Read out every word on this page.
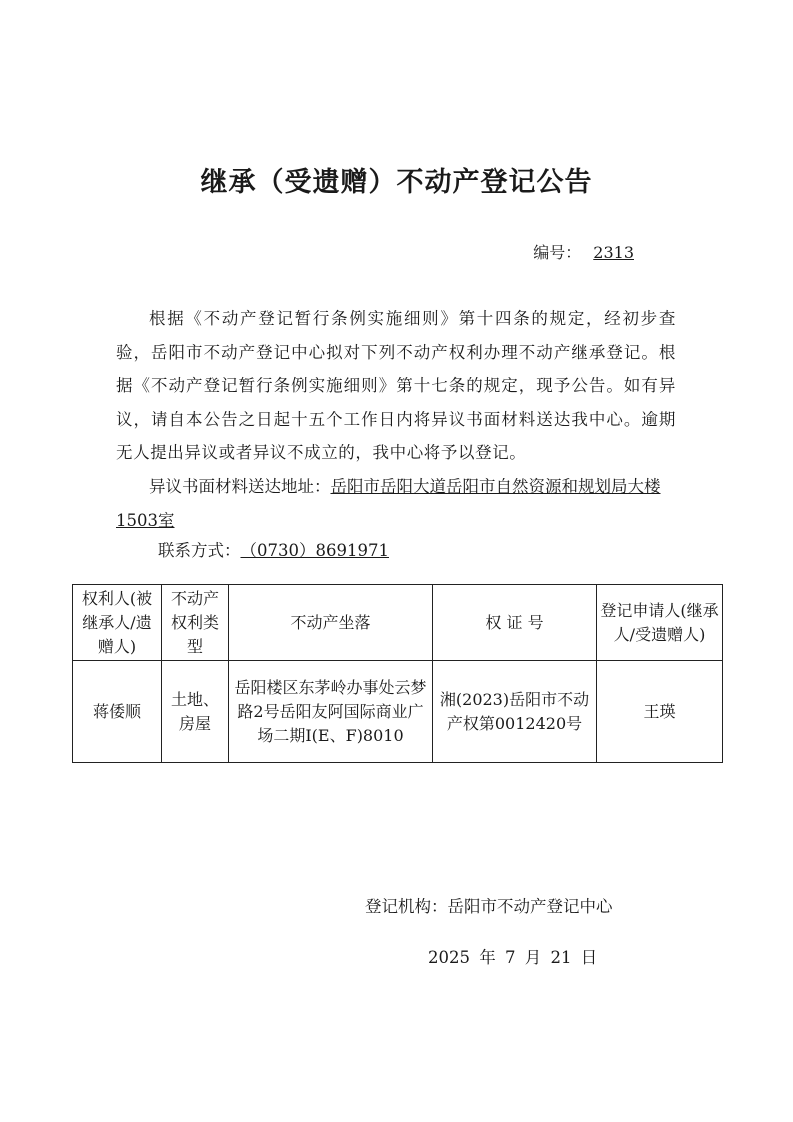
继承（受遗赠）不动产登记公告
编号： 2313
根据《不动产登记暂行条例实施细则》第十四条的规定，经初步查验，岳阳市不动产登记中心拟对下列不动产权利办理不动产继承登记。根据《不动产登记暂行条例实施细则》第十七条的规定，现予公告。如有异议，请自本公告之日起十五个工作日内将异议书面材料送达我中心。逾期无人提出异议或者异议不成立的，我中心将予以登记。
异议书面材料送达地址：岳阳市岳阳大道岳阳市自然资源和规划局大楼1503室
联系方式：（0730）8691971
权利人(被继承人/遗赠人)	不动产权利类型	不动产坐落	权 证 号	登记申请人(继承人/受遗赠人)
蒋倭顺	土地、房屋	岳阳楼区东茅岭办事处云梦路2号岳阳友阿国际商业广场二期Ⅰ(E、F)8010	湘(2023)岳阳市不动产权第0012420号	王瑛
登记机构：岳阳市不动产登记中心
2025 年 7 月 21 日
